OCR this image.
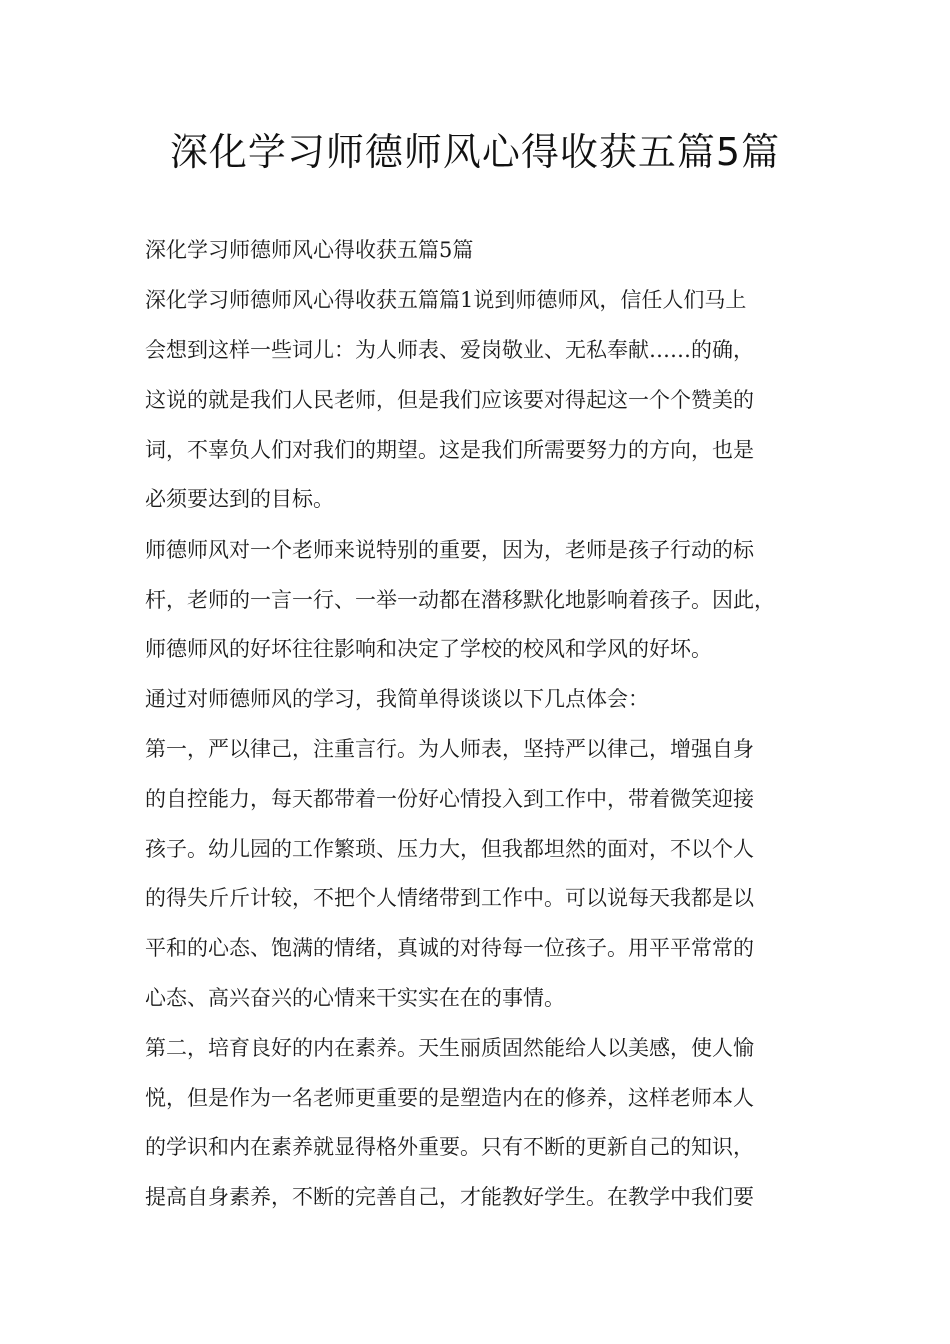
深化学习师德师风心得收获五篇5篇

深化学习师德师风心得收获五篇5篇

深化学习师德师风心得收获五篇篇1说到师德师风，信任人们马上

会想到这样一些词儿：为人师表、爱岗敬业、无私奉献……的确，

这说的就是我们人民老师，但是我们应该要对得起这一个个赞美的

词，不辜负人们对我们的期望。这是我们所需要努力的方向，也是

必须要达到的目标。

师德师风对一个老师来说特别的重要，因为，老师是孩子行动的标

杆，老师的一言一行、一举一动都在潜移默化地影响着孩子。因此，

师德师风的好坏往往影响和决定了学校的校风和学风的好坏。

通过对师德师风的学习，我简单得谈谈以下几点体会：

第一，严以律己，注重言行。为人师表，坚持严以律己，增强自身

的自控能力，每天都带着一份好心情投入到工作中，带着微笑迎接

孩子。幼儿园的工作繁琐、压力大，但我都坦然的面对，不以个人

的得失斤斤计较，不把个人情绪带到工作中。可以说每天我都是以

平和的心态、饱满的情绪，真诚的对待每一位孩子。用平平常常的

心态、高兴奋兴的心情来干实实在在的事情。

第二，培育良好的内在素养。天生丽质固然能给人以美感，使人愉

悦，但是作为一名老师更重要的是塑造内在的修养，这样老师本人

的学识和内在素养就显得格外重要。只有不断的更新自己的知识，

提高自身素养，不断的完善自己，才能教好学生。在教学中我们要
